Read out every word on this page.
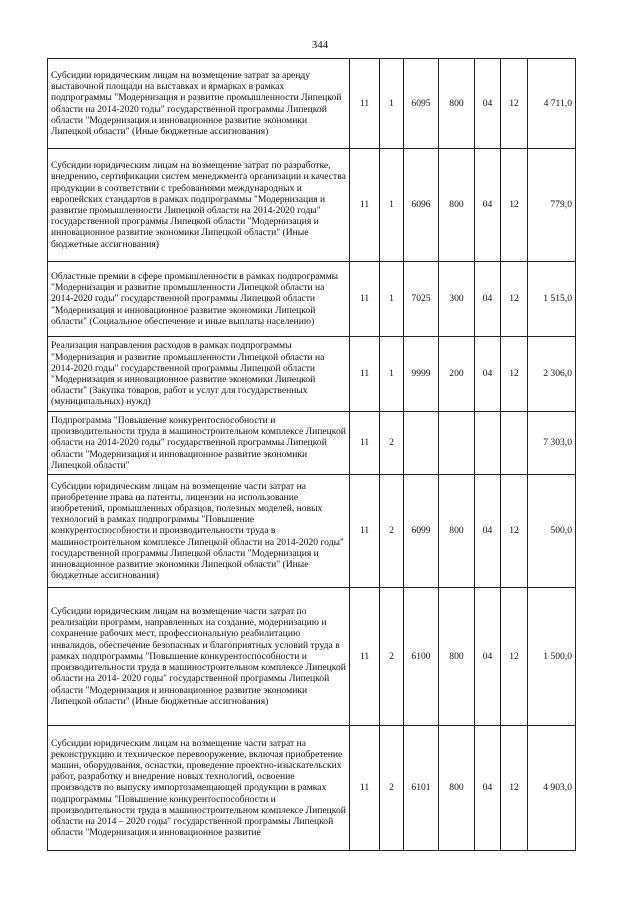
344
Субсидии юридическим лицам на возмещение затрат за аренду выставочной площади на выставках и ярмарках в рамках подпрограммы "Модернизация и развитие промышленности Липецкой области на 2014-2020 годы" государственной программы Липецкой области "Модернизация и инновационное развитие экономики Липецкой области" (Иные бюджетные ассигнования)	11	1	6095	800	04	12	4 711,0
Субсидии юридическим лицам на возмещение затрат по разработке, внедрению, сертификации систем менеджмента организации и качества продукции в соответствии с требованиями международных и европейских стандартов в рамках подпрограммы "Модернизация и развитие промышленности Липецкой области на 2014-2020 годы" государственной программы Липецкой области "Модернизация и инновационное развитие экономики Липецкой области" (Иные бюджетные ассигнования)	11	1	6096	800	04	12	779,0
Областные премии в сфере промышленности в рамках подпрограммы "Модернизация и развитие промышленности Липецкой области на 2014-2020 годы" государственной программы Липецкой области "Модернизация и инновационное развитие экономики Липецкой области" (Социальное обеспечение и иные выплаты населению)	11	1	7025	300	04	12	1 515,0
Реализация направления расходов в рамках подпрограммы "Модернизация и развитие промышленности Липецкой области на 2014-2020 годы" государственной программы Липецкой области "Модернизация и инновационное развитие экономики Липецкой области" (Закупка товаров, работ и услуг для государственных (муниципальных) нужд)	11	1	9999	200	04	12	2 306,0
Подпрограмма "Повышение конкурентоспособности и производительности труда в машиностроительном комплексе Липецкой области на 2014-2020 годы" государственной программы Липецкой области "Модернизация и инновационное развитие экономики Липецкой области"	11	2					7 303,0
Субсидии юридическим лицам на возмещение части затрат на приобретение права на патенты, лицензии на использование изобретений, промышленных образцов, полезных моделей, новых технологий в рамках подпрограммы "Повышение конкурентоспособности и производительности труда в машиностроительном комплексе Липецкой области на 2014-2020 годы" государственной программы Липецкой области "Модернизация и инновационное развитие экономики Липецкой области" (Иные бюджетные ассигнования)	11	2	6099	800	04	12	500,0
Субсидии юридическим лицам на возмещение части затрат по реализации программ, направленных на создание, модернизацию и сохранение рабочих мест, профессиональную реабилитацию инвалидов, обеспечение безопасных и благоприятных условий труда в рамках подпрограммы "Повышение конкурентоспособности и производительности труда в машиностроительном комплексе Липецкой области на 2014- 2020 годы" государственной программы Липецкой области "Модернизация и инновационное развитие экономики Липецкой области" (Иные бюджетные ассигнования)	11	2	6100	800	04	12	1 500,0
Субсидии юридическим лицам на возмещение части затрат на реконструкцию и техническое перевооружение, включая приобретение машин, оборудования, оснастки, проведение проектно-изыскательских работ, разработку и внедрение новых технологий, освоение производств по выпуску импортозамещающей продукции в рамках подпрограммы "Повышение конкурентоспособности и производительности труда в машиностроительном комплексе Липецкой области на 2014 – 2020 годы" государственной программы Липецкой области "Модернизация и инновационное развитие	11	2	6101	800	04	12	4 903,0
